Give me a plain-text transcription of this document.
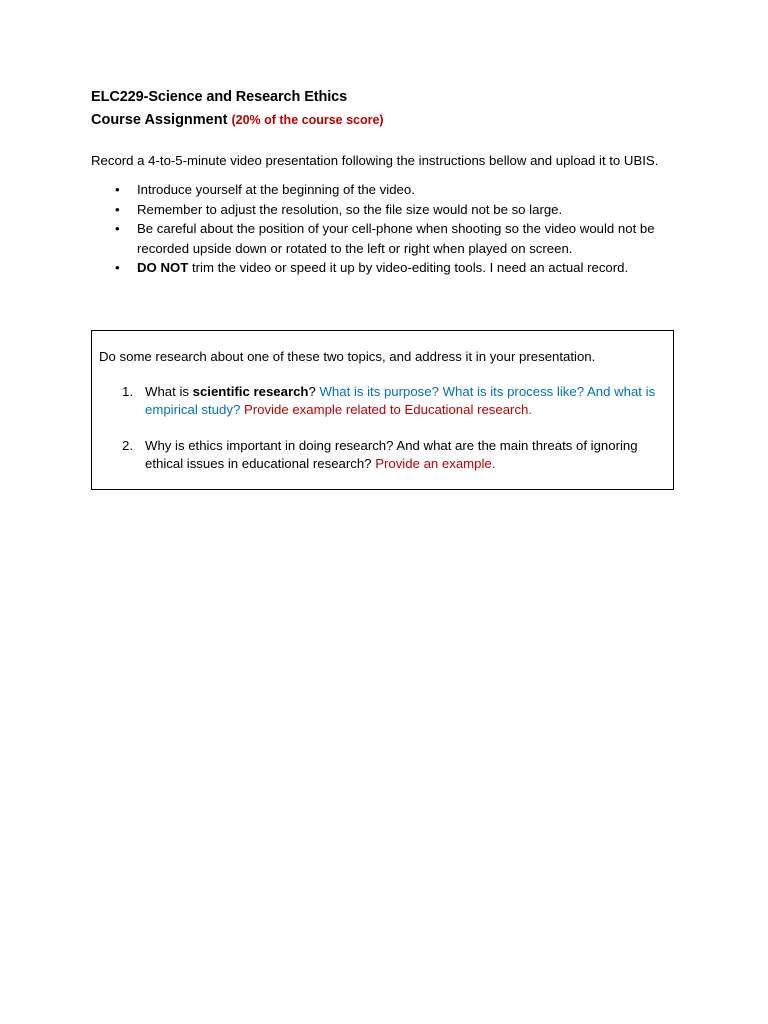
ELC229-Science and Research Ethics
Course Assignment (20% of the course score)
Record a 4-to-5-minute video presentation following the instructions bellow and upload it to UBIS.
• Introduce yourself at the beginning of the video.
• Remember to adjust the resolution, so the file size would not be so large.
• Be careful about the position of your cell-phone when shooting so the video would not be recorded upside down or rotated to the left or right when played on screen.
• DO NOT trim the video or speed it up by video-editing tools. I need an actual record.
Do some research about one of these two topics, and address it in your presentation.
1. What is scientific research? What is its purpose? What is its process like? And what is empirical study? Provide example related to Educational research.
2. Why is ethics important in doing research? And what are the main threats of ignoring ethical issues in educational research? Provide an example.
